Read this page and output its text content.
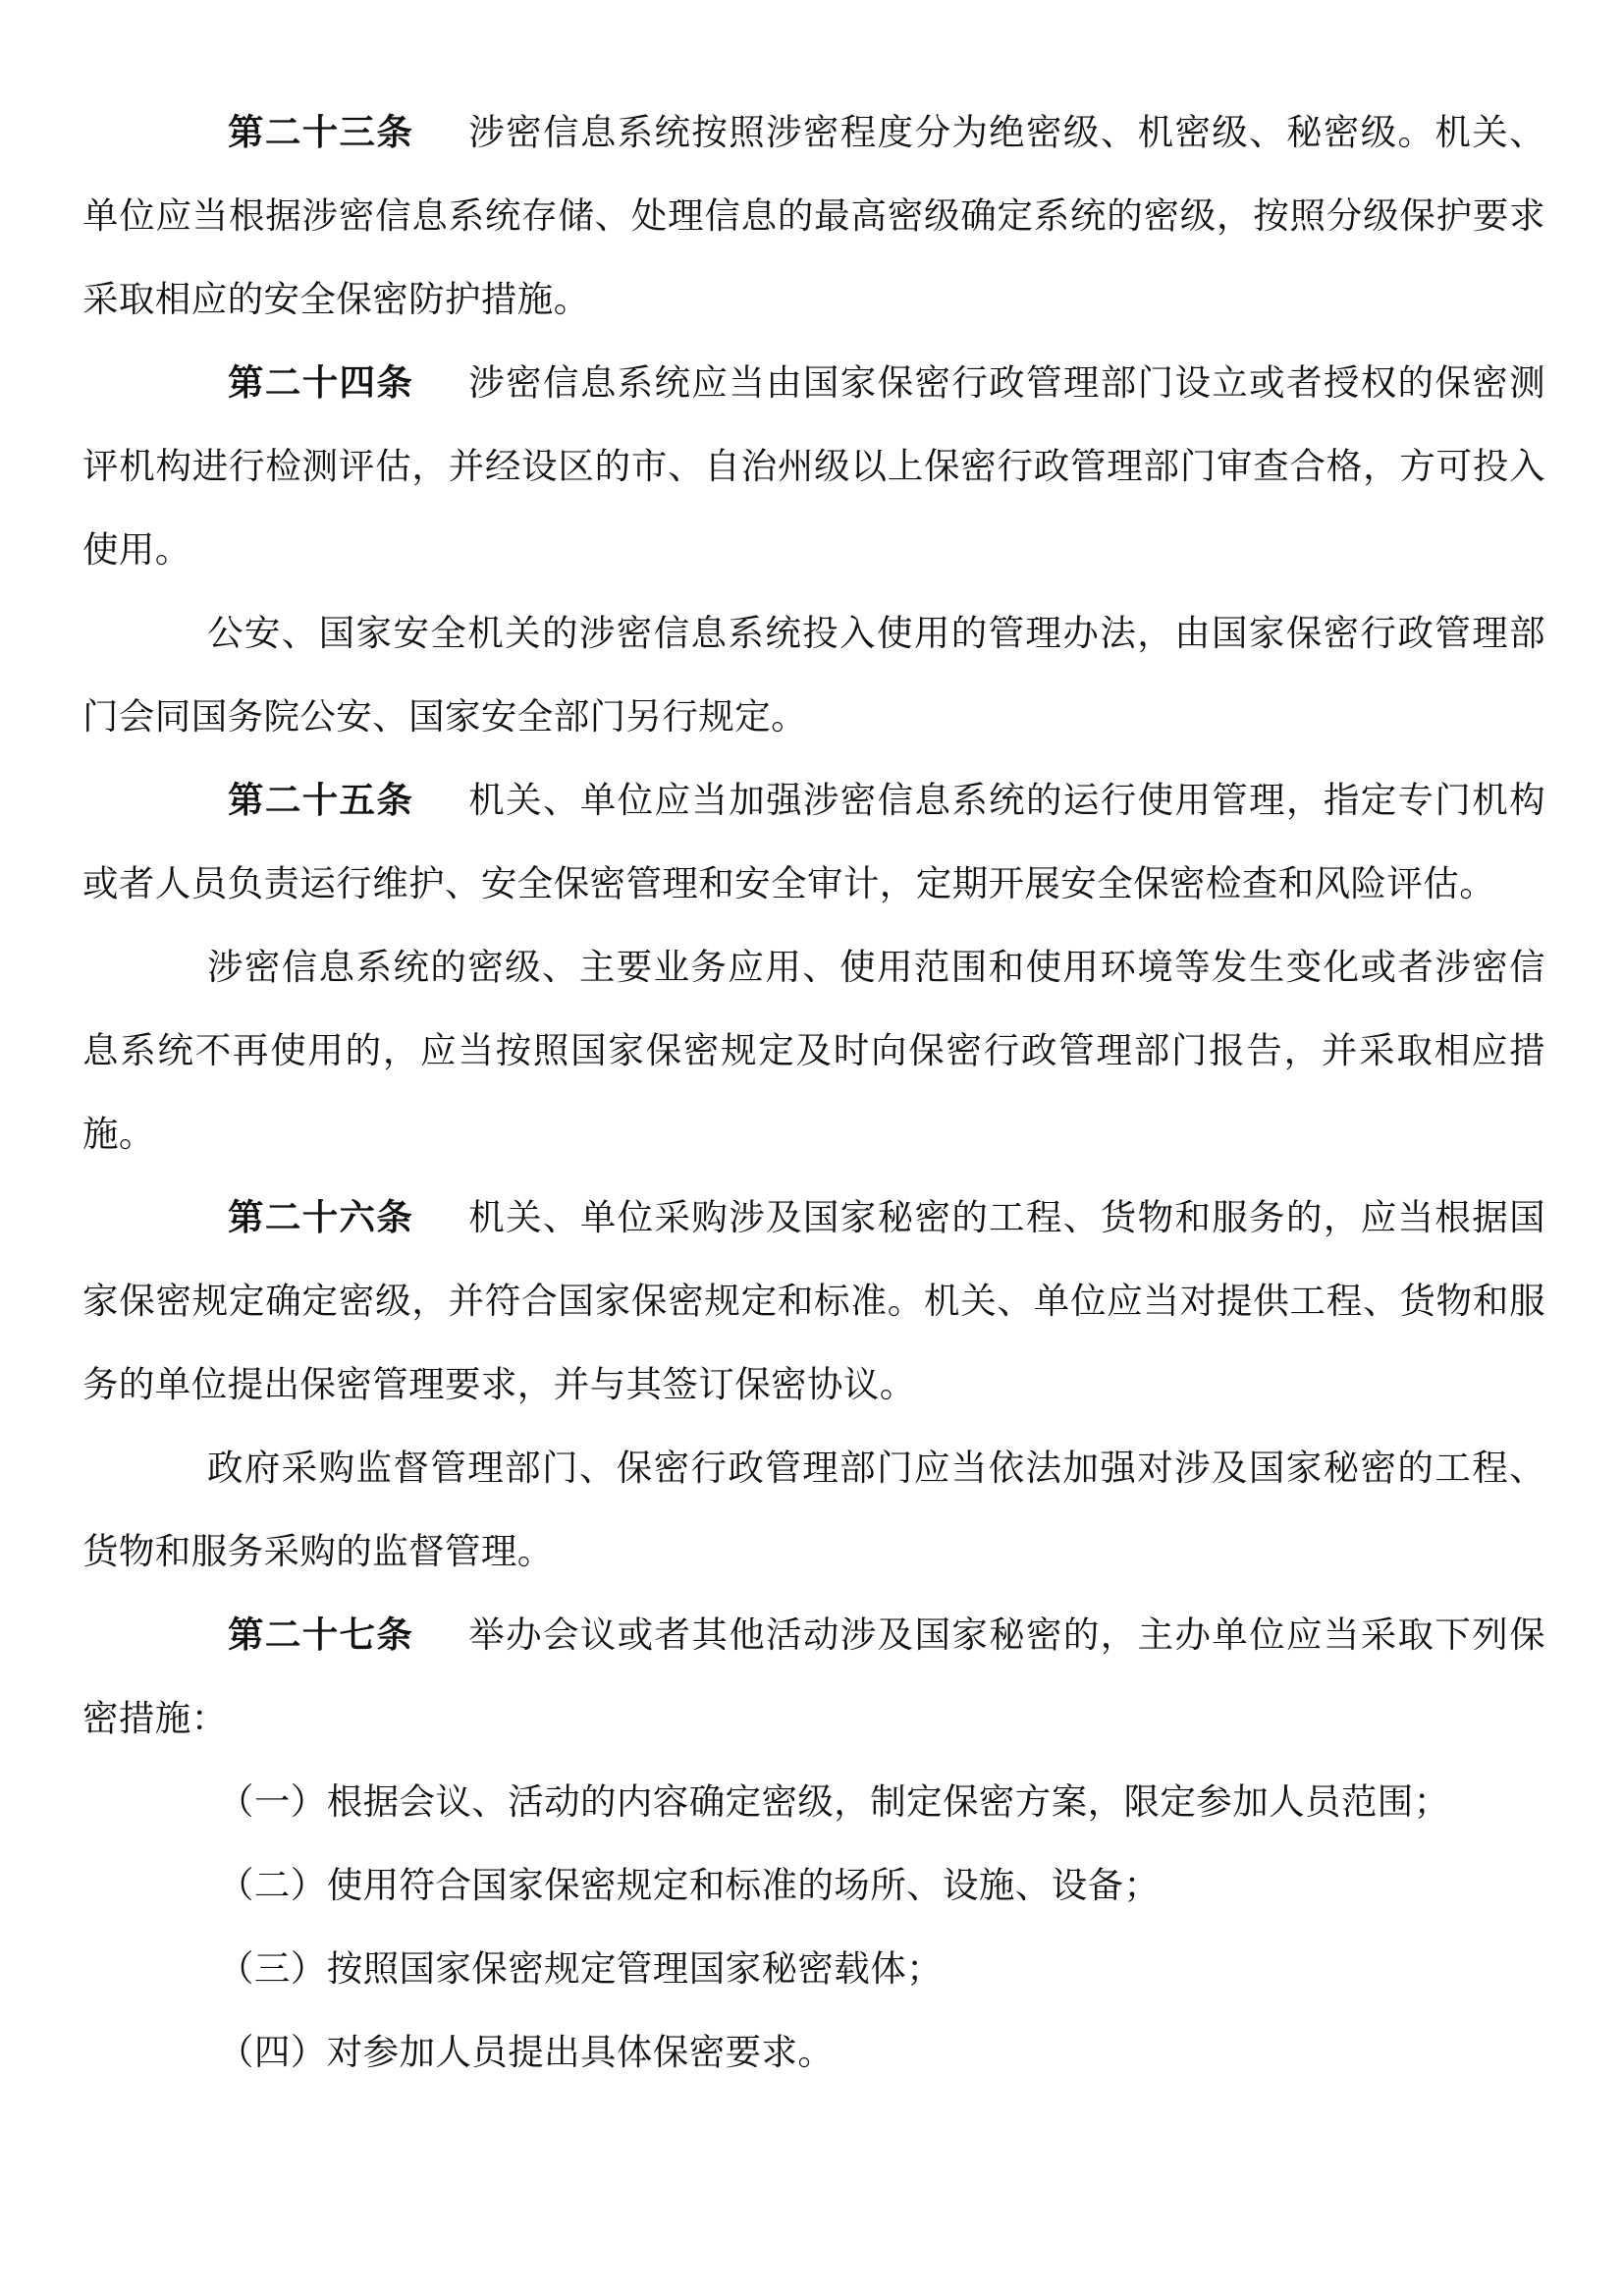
第二十三条 涉密信息系统按照涉密程度分为绝密级、机密级、秘密级。机关、单位应当根据涉密信息系统存储、处理信息的最高密级确定系统的密级，按照分级保护要求采取相应的安全保密防护措施。

第二十四条 涉密信息系统应当由国家保密行政管理部门设立或者授权的保密测评机构进行检测评估，并经设区的市、自治州级以上保密行政管理部门审查合格，方可投入使用。

公安、国家安全机关的涉密信息系统投入使用的管理办法，由国家保密行政管理部门会同国务院公安、国家安全部门另行规定。

第二十五条 机关、单位应当加强涉密信息系统的运行使用管理，指定专门机构或者人员负责运行维护、安全保密管理和安全审计，定期开展安全保密检查和风险评估。

涉密信息系统的密级、主要业务应用、使用范围和使用环境等发生变化或者涉密信息系统不再使用的，应当按照国家保密规定及时向保密行政管理部门报告，并采取相应措施。

第二十六条 机关、单位采购涉及国家秘密的工程、货物和服务的，应当根据国家保密规定确定密级，并符合国家保密规定和标准。机关、单位应当对提供工程、货物和服务的单位提出保密管理要求，并与其签订保密协议。

政府采购监督管理部门、保密行政管理部门应当依法加强对涉及国家秘密的工程、货物和服务采购的监督管理。

第二十七条 举办会议或者其他活动涉及国家秘密的，主办单位应当采取下列保密措施：

（一）根据会议、活动的内容确定密级，制定保密方案，限定参加人员范围；

（二）使用符合国家保密规定和标准的场所、设施、设备；

（三）按照国家保密规定管理国家秘密载体；

（四）对参加人员提出具体保密要求。
